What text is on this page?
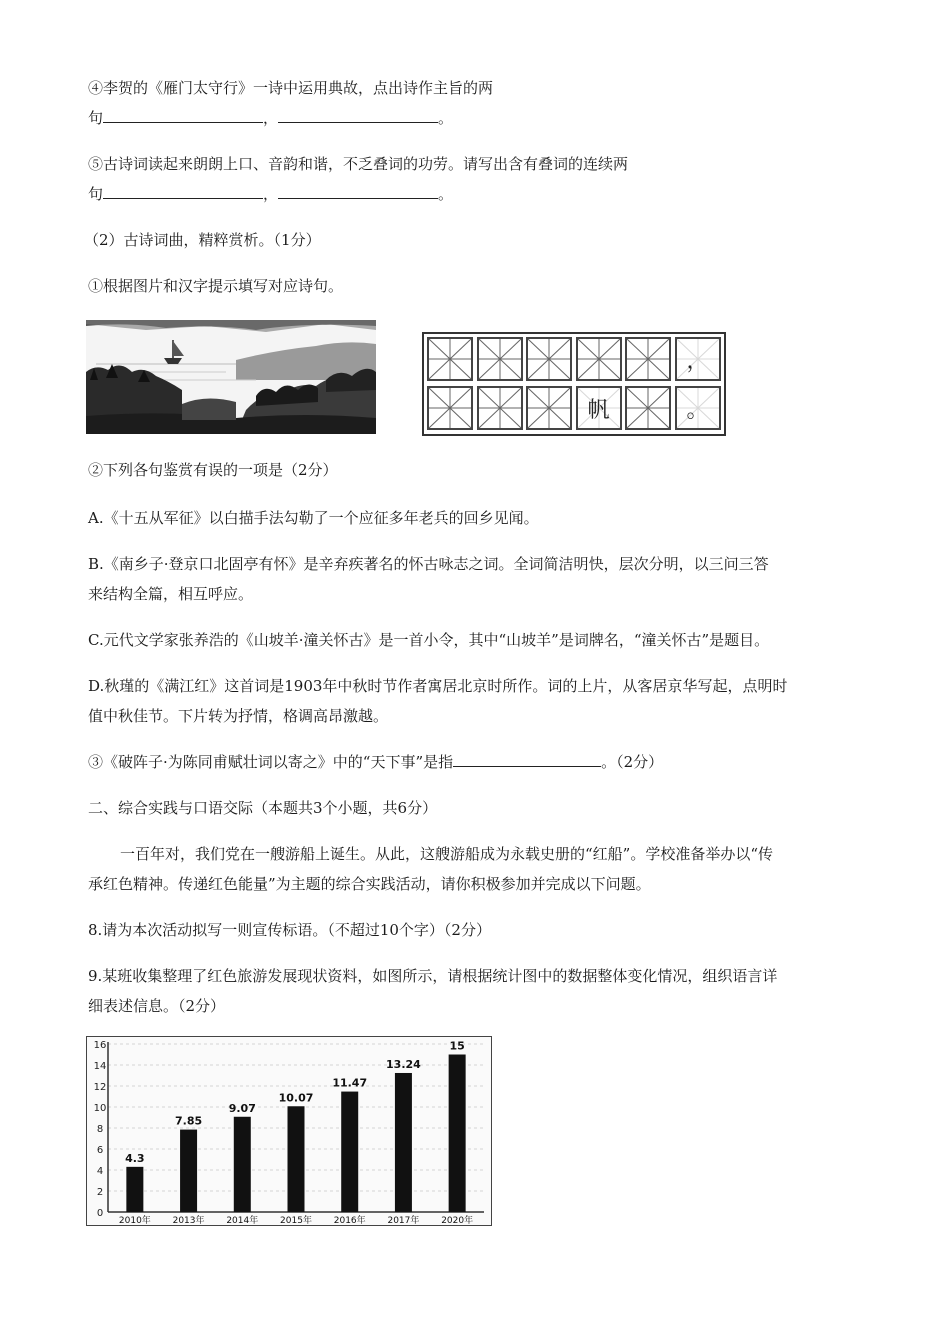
④李贺的《雁门太守行》一诗中运用典故，点出诗作主旨的两
句	，	。
⑤古诗词读起来朗朗上口、音韵和谐，不乏叠词的功劳。请写出含有叠词的连续两
句	，	。
（2）古诗词曲，精粹赏析。（1分）
①根据图片和汉字提示填写对应诗句。
，
帆	。
②下列各句鉴赏有误的一项是（2分）
A.《十五从军征》以白描手法勾勒了一个应征多年老兵的回乡见闻。
B.《南乡子·登京口北固亭有怀》是辛弃疾著名的怀古咏志之词。全词简洁明快，层次分明，以三问三答
来结构全篇，相互呼应。
C.元代文学家张养浩的《山坡羊·潼关怀古》是一首小令，其中“山坡羊”是词牌名，“潼关怀古”是题目。
D.秋瑾的《满江红》这首词是1903年中秋时节作者寓居北京时所作。词的上片，从客居京华写起，点明时
值中秋佳节。下片转为抒情，格调高昂激越。
③《破阵子·为陈同甫赋壮词以寄之》中的“天下事”是指	。（2分）
二、综合实践与口语交际（本题共3个小题，共6分）
一百年对，我们党在一艘游船上诞生。从此，这艘游船成为永载史册的“红船”。学校准备举办以“传
承红色精神。传递红色能量”为主题的综合实践活动，请你积极参加并完成以下问题。
8.请为本次活动拟写一则宣传标语。（不超过10个字）（2分）
9.某班收集整理了红色旅游发展现状资料，如图所示，请根据统计图中的数据整体变化情况，组织语言详
细表述信息。（2分）
0
2
4
6
8
10
12
14
16
4.3
7.85
9.07
10.07
11.47
13.24
15
2010年 2013年 2014年 2015年 2016年 2017年 2020年
